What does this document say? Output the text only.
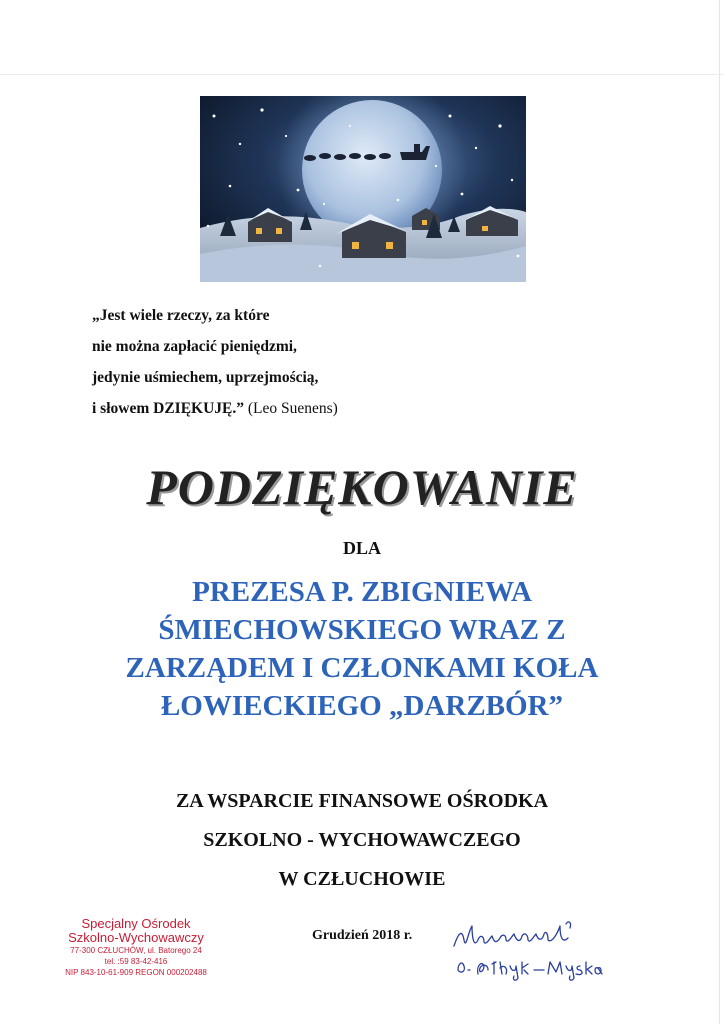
„Jest wiele rzeczy, za które
nie można zapłacić pieniędzmi,
jedynie uśmiechem, uprzejmością,
i słowem DZIĘKUJĘ.” (Leo Suenens)
PODZIĘKOWANIE
DLA
PREZESA P. ZBIGNIEWA
ŚMIECHOWSKIEGO WRAZ Z
ZARZĄDEM I CZŁONKAMI KOŁA
ŁOWIECKIEGO „DARZBÓR”
ZA WSPARCIE FINANSOWE OŚRODKA
SZKOLNO - WYCHOWAWCZEGO
W CZŁUCHOWIE
Specjalny Ośrodek
Szkolno-Wychowawczy
77-300 CZŁUCHÓW, ul. Batorego 24
tel. :59 83-42-416
NIP 843-10-61-909 REGON 000202488
Grudzień 2018 r.
